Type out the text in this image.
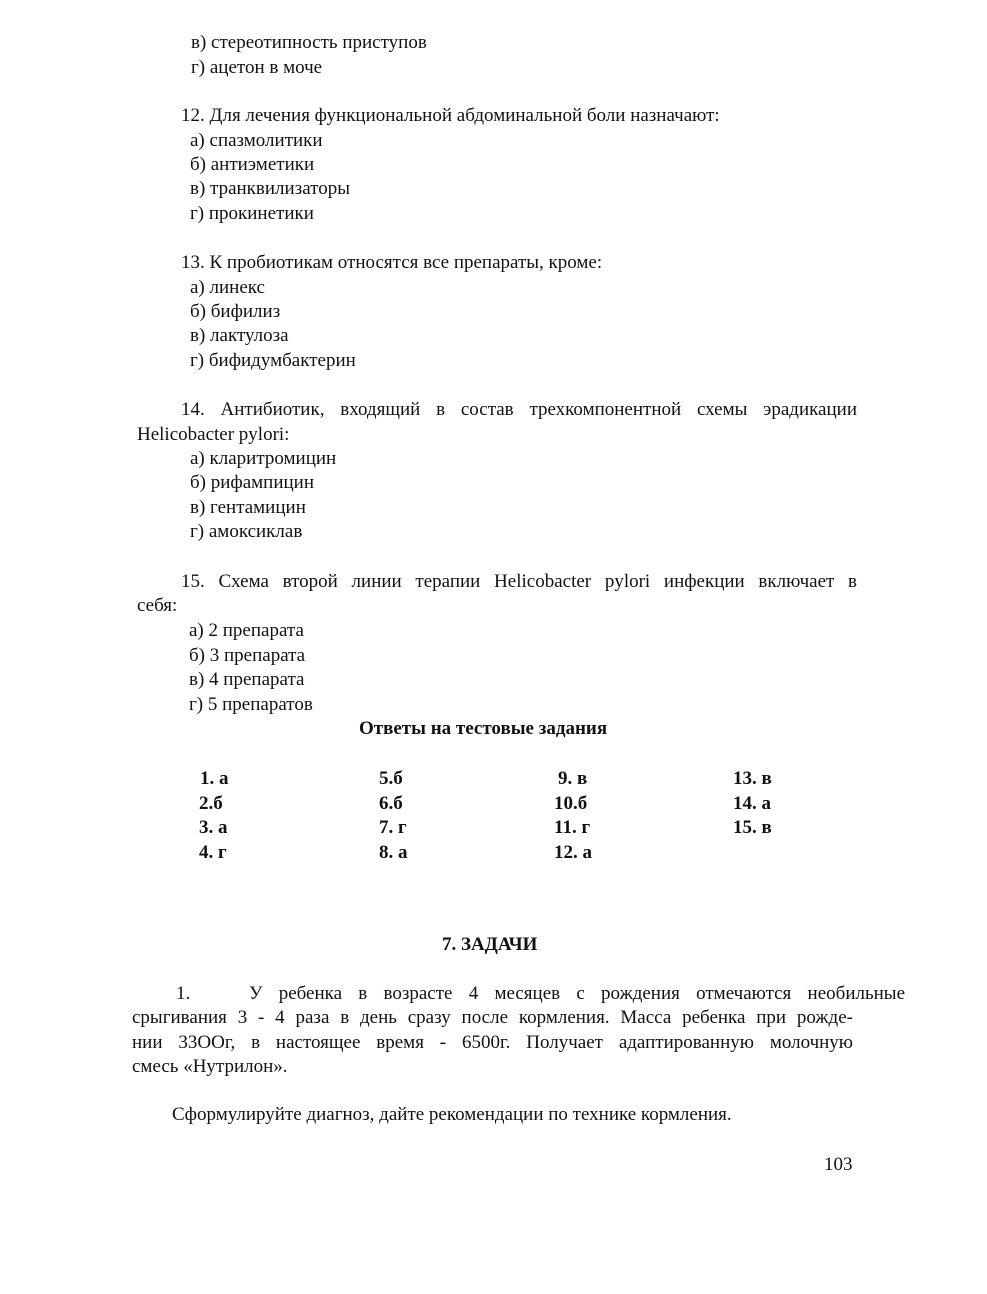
в) стереотипность приступов
г) ацетон в моче
12. Для лечения функциональной абдоминальной боли назначают:
а) спазмолитики
б) антиэметики
в) транквилизаторы
г) прокинетики
13. К пробиотикам относятся все препараты, кроме:
а) линекс
б) бифилиз
в) лактулоза
г) бифидумбактерин
14. Антибиотик, входящий в состав трехкомпонентной схемы эрадикации
Helicobacter pylori:
а) кларитромицин
б) рифампицин
в) гентамицин
г) амоксиклав
15. Схема второй линии терапии Helicobacter pylori инфекции включает в
себя:
а) 2 препарата
б) 3 препарата
в) 4 препарата
г) 5 препаратов
Ответы на тестовые задания
1. а
2.б
3. а
4. г
5.б
6.б
7. г
8. а
9. в
10.б
11. г
12. а
13. в
14. а
15. в
7. ЗАДАЧИ
1.	У ребенка в возрасте 4 месяцев с рождения отмечаются необильные
срыгивания 3 - 4 раза в день сразу после кормления. Масса ребенка при рожде-
нии 33ООг, в настоящее время - 6500г. Получает адаптированную молочную
смесь «Нутрилон».
Сформулируйте диагноз, дайте рекомендации по технике кормления.
103
